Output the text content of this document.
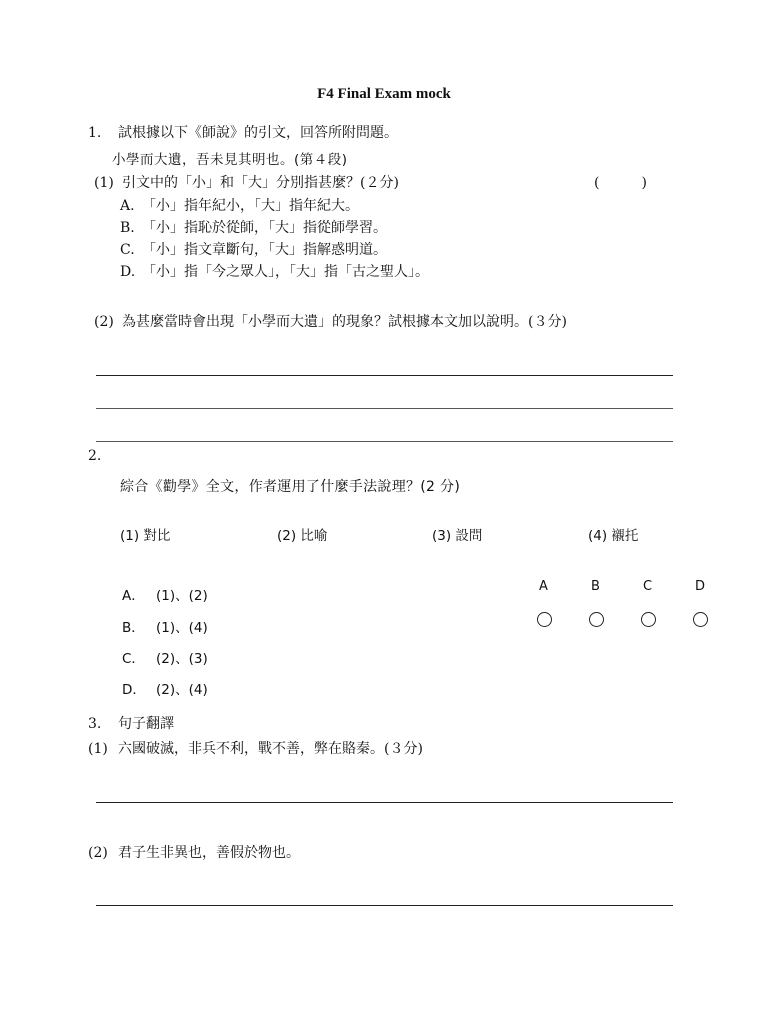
F4 Final Exam mock
1. 試根據以下《師說》的引文，回答所附問題。
小學而大遺，吾未見其明也。(第４段)
(1) 引文中的「小」和「大」分別指甚麼？(２分)	(　　　)
A. 「小」指年紀小，「大」指年紀大。
B. 「小」指恥於從師，「大」指從師學習。
C. 「小」指文章斷句，「大」指解惑明道。
D. 「小」指「今之眾人」，「大」指「古之聖人」。
(2) 為甚麼當時會出現「小學而大遺」的現象？試根據本文加以說明。(３分)
2.
綜合《勸學》全文，作者運用了什麼手法說理？(2 分)
(1) 對比	(2) 比喻	(3) 設問	(4) 襯托
A． (1)、(2)
B． (1)、(4)
C． (2)、(3)
D． (2)、(4)
A	B	C	D
3. 句子翻譯
(1) 六國破滅，非兵不利，戰不善，弊在賂秦。(３分)
(2) 君子生非異也，善假於物也。
